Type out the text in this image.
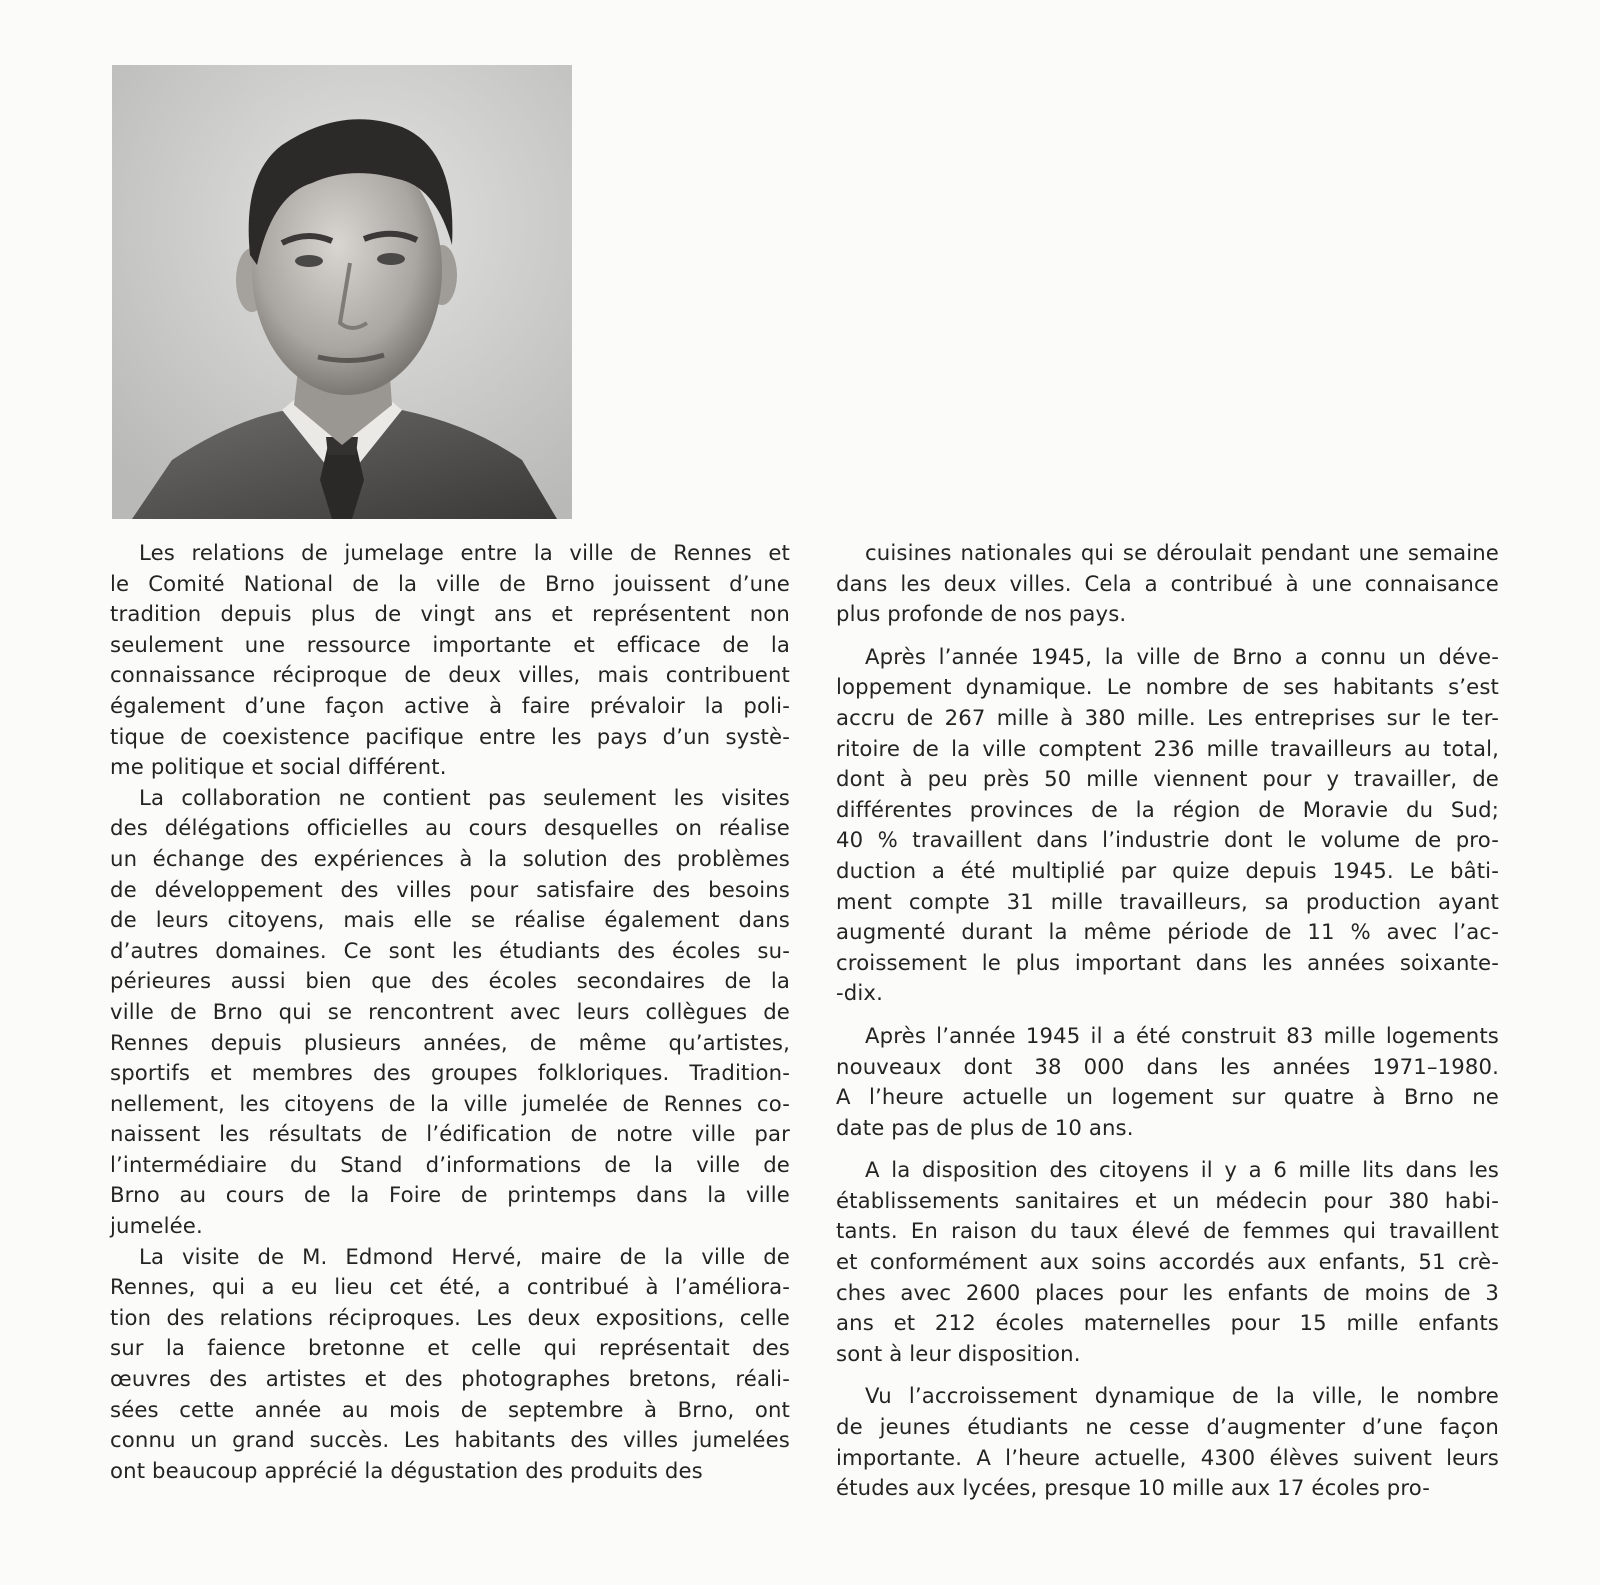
Les relations de jumelage entre la ville de Rennes et
le Comité National de la ville de Brno jouissent d’une
tradition depuis plus de vingt ans et représentent non
seulement une ressource importante et efficace de la
connaissance réciproque de deux villes, mais contribuent
également d’une façon active à faire prévaloir la poli-
tique de coexistence pacifique entre les pays d’un systè-
me politique et social différent.

La collaboration ne contient pas seulement les visites
des délégations officielles au cours desquelles on réalise
un échange des expériences à la solution des problèmes
de développement des villes pour satisfaire des besoins
de leurs citoyens, mais elle se réalise également dans
d’autres domaines. Ce sont les étudiants des écoles su-
périeures aussi bien que des écoles secondaires de la
ville de Brno qui se rencontrent avec leurs collègues de
Rennes depuis plusieurs années, de même qu’artistes,
sportifs et membres des groupes folkloriques. Tradition-
nellement, les citoyens de la ville jumelée de Rennes co-
naissent les résultats de l’édification de notre ville par
l’intermédiaire du Stand d’informations de la ville de
Brno au cours de la Foire de printemps dans la ville
jumelée.

La visite de M. Edmond Hervé, maire de la ville de
Rennes, qui a eu lieu cet été, a contribué à l’améliora-
tion des relations réciproques. Les deux expositions, celle
sur la faience bretonne et celle qui représentait des
œuvres des artistes et des photographes bretons, réali-
sées cette année au mois de septembre à Brno, ont
connu un grand succès. Les habitants des villes jumelées
ont beaucoup apprécié la dégustation des produits des

cuisines nationales qui se déroulait pendant une semaine
dans les deux villes. Cela a contribué à une connaisance
plus profonde de nos pays.

Après l’année 1945, la ville de Brno a connu un déve-
loppement dynamique. Le nombre de ses habitants s’est
accru de 267 mille à 380 mille. Les entreprises sur le ter-
ritoire de la ville comptent 236 mille travailleurs au total,
dont à peu près 50 mille viennent pour y travailler, de
différentes provinces de la région de Moravie du Sud;
40 % travaillent dans l’industrie dont le volume de pro-
duction a été multiplié par quize depuis 1945. Le bâti-
ment compte 31 mille travailleurs, sa production ayant
augmenté durant la même période de 11 % avec l’ac-
croissement le plus important dans les années soixante-
-dix.

Après l’année 1945 il a été construit 83 mille logements
nouveaux dont 38 000 dans les années 1971–1980.
A l’heure actuelle un logement sur quatre à Brno ne
date pas de plus de 10 ans.

A la disposition des citoyens il y a 6 mille lits dans les
établissements sanitaires et un médecin pour 380 habi-
tants. En raison du taux élevé de femmes qui travaillent
et conformément aux soins accordés aux enfants, 51 crè-
ches avec 2600 places pour les enfants de moins de 3
ans et 212 écoles maternelles pour 15 mille enfants
sont à leur disposition.

Vu l’accroissement dynamique de la ville, le nombre
de jeunes étudiants ne cesse d’augmenter d’une façon
importante. A l’heure actuelle, 4300 élèves suivent leurs
études aux lycées, presque 10 mille aux 17 écoles pro-
